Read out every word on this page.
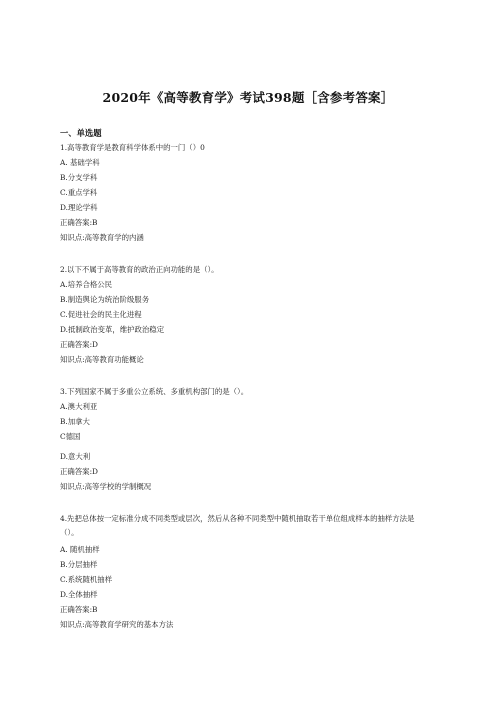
2020年《高等教育学》考试398题［含参考答案］
一、单选题
1.高等教育学是教育科学体系中的一门（）0
A. 基础学科
B.分支学科
C.重点学科
D.理论学科
正确答案:B
知识点:高等教育学的内涵
2.以下不属于高等教育的政治正向功能的是（）。
A.培养合格公民
B.制造舆论为统治阶级服务
C.促进社会的民主化进程
D.抵制政治变革，维护政治稳定
正确答案:D
知识点:高等教育功能概论
3.下列国家不属于多重公立系统、多重机构部门的是（）。
A.澳大利亚
B.加拿大
C德国
D.意大利
正确答案:D
知识点:高等学校的学制概况
4.先把总体按一定标准分成不同类型或层次，然后从各种不同类型中随机抽取若干单位组成样本的抽样方法是（）。
A. 随机抽样
B.分层抽样
C.系统随机抽样
D.全体抽样
正确答案:B
知识点:高等教育学研究的基本方法
